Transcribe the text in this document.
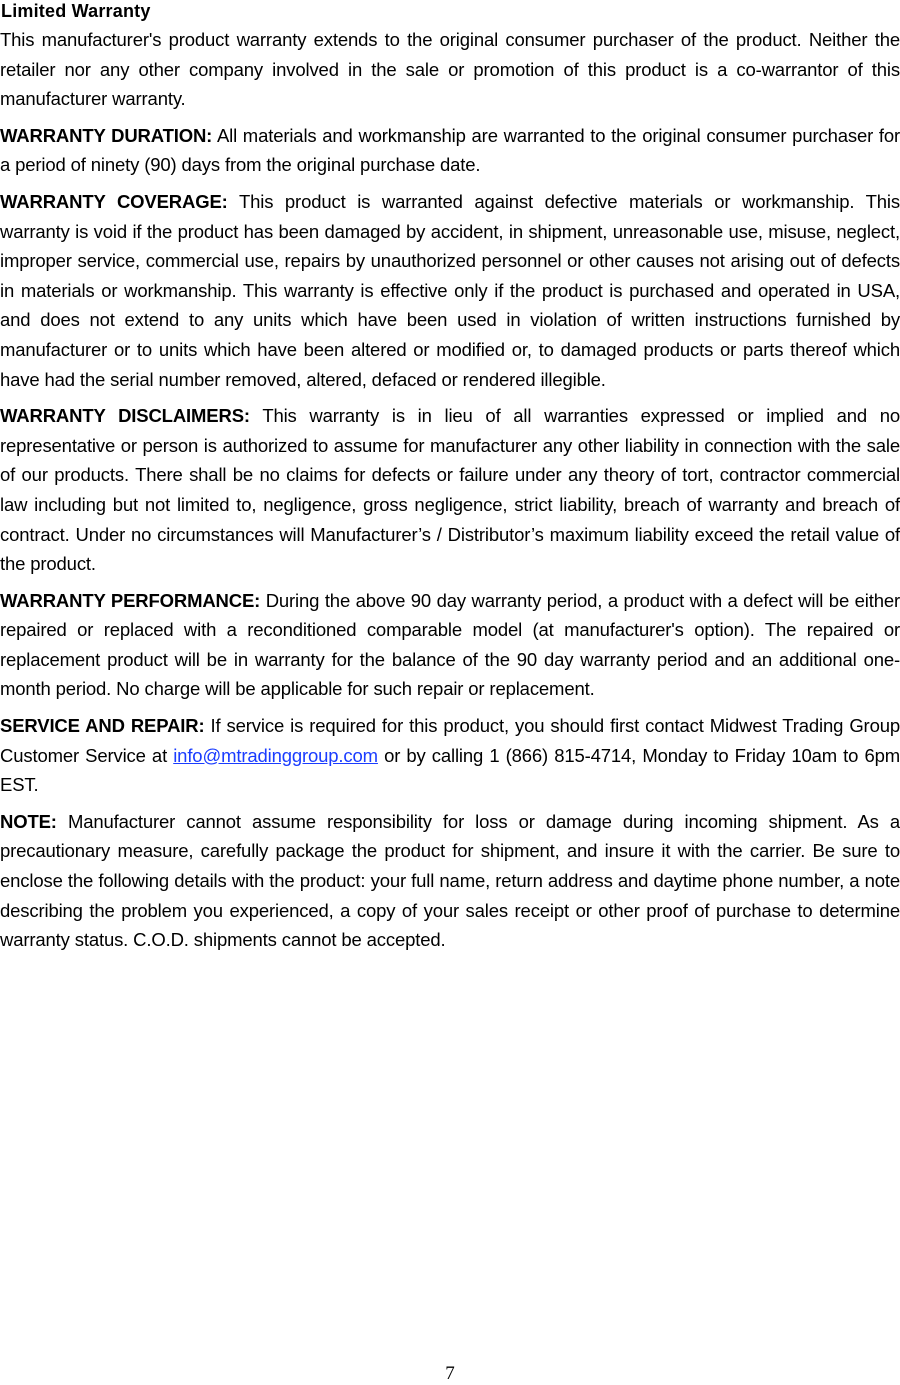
Limited Warranty

This manufacturer's product warranty extends to the original consumer purchaser of the product. Neither the retailer nor any other company involved in the sale or promotion of this product is a co-warrantor of this manufacturer warranty.

WARRANTY DURATION: All materials and workmanship are warranted to the original consumer purchaser for a period of ninety (90) days from the original purchase date.

WARRANTY COVERAGE: This product is warranted against defective materials or workmanship. This warranty is void if the product has been damaged by accident, in shipment, unreasonable use, misuse, neglect, improper service, commercial use, repairs by unauthorized personnel or other causes not arising out of defects in materials or workmanship. This warranty is effective only if the product is purchased and operated in USA, and does not extend to any units which have been used in violation of written instructions furnished by manufacturer or to units which have been altered or modified or, to damaged products or parts thereof which have had the serial number removed, altered, defaced or rendered illegible.

WARRANTY DISCLAIMERS: This warranty is in lieu of all warranties expressed or implied and no representative or person is authorized to assume for manufacturer any other liability in connection with the sale of our products. There shall be no claims for defects or failure under any theory of tort, contractor commercial law including but not limited to, negligence, gross negligence, strict liability, breach of warranty and breach of contract. Under no circumstances will Manufacturer’s / Distributor’s maximum liability exceed the retail value of the product.

WARRANTY PERFORMANCE: During the above 90 day warranty period, a product with a defect will be either repaired or replaced with a reconditioned comparable model (at manufacturer's option). The repaired or replacement product will be in warranty for the balance of the 90 day warranty period and an additional one-month period. No charge will be applicable for such repair or replacement.

SERVICE AND REPAIR: If service is required for this product, you should first contact Midwest Trading Group Customer Service at info@mtradinggroup.com or by calling 1 (866) 815-4714, Monday to Friday 10am to 6pm EST.

NOTE: Manufacturer cannot assume responsibility for loss or damage during incoming shipment. As a precautionary measure, carefully package the product for shipment, and insure it with the carrier. Be sure to enclose the following details with the product: your full name, return address and daytime phone number, a note describing the problem you experienced, a copy of your sales receipt or other proof of purchase to determine warranty status. C.O.D. shipments cannot be accepted.

7
